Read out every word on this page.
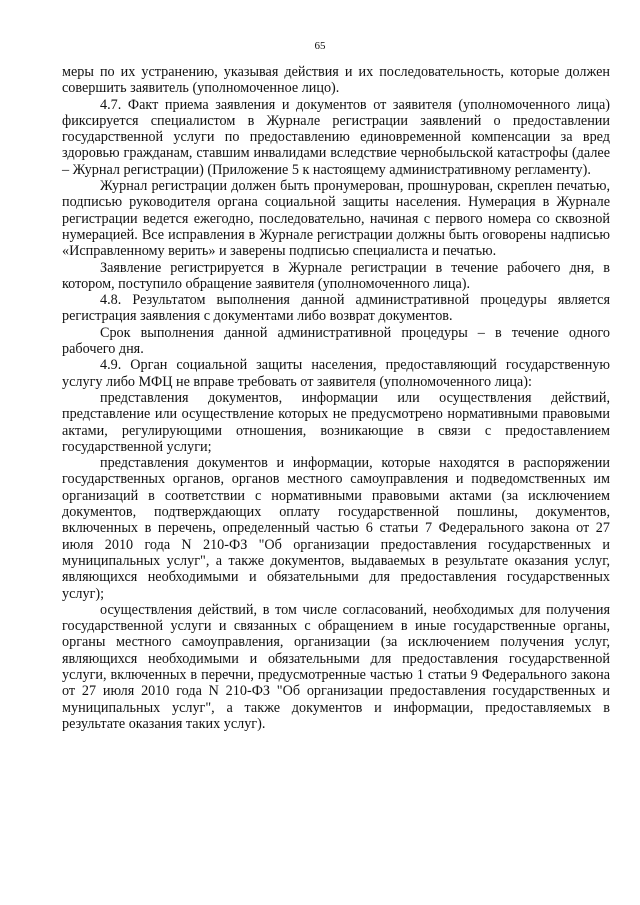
65

меры по их устранению, указывая действия и их последовательность, которые должен совершить заявитель (уполномоченное лицо).

4.7. Факт приема заявления и документов от заявителя (уполномоченного лица) фиксируется специалистом в Журнале регистрации заявлений о предоставлении государственной услуги по предоставлению единовременной компенсации за вред здоровью гражданам, ставшим инвалидами вследствие чернобыльской катастрофы (далее – Журнал регистрации) (Приложение 5 к настоящему административному регламенту).

Журнал регистрации должен быть пронумерован, прошнурован, скреплен печатью, подписью руководителя органа социальной защиты населения. Нумерация в Журнале регистрации ведется ежегодно, последовательно, начиная с первого номера со сквозной нумерацией. Все исправления в Журнале регистрации должны быть оговорены надписью «Исправленному верить» и заверены подписью специалиста и печатью.

Заявление регистрируется в Журнале регистрации в течение рабочего дня, в котором, поступило обращение заявителя (уполномоченного лица).

4.8. Результатом выполнения данной административной процедуры является регистрация заявления с документами либо возврат документов.

Срок выполнения данной административной процедуры – в течение одного рабочего дня.

4.9. Орган социальной защиты населения, предоставляющий государственную услугу либо МФЦ не вправе требовать от заявителя (уполномоченного лица):

представления документов, информации или осуществления действий, представление или осуществление которых не предусмотрено нормативными правовыми актами, регулирующими отношения, возникающие в связи с предоставлением государственной услуги;

представления документов и информации, которые находятся в распоряжении государственных органов, органов местного самоуправления и подведомственных им организаций в соответствии с нормативными правовыми актами (за исключением документов, подтверждающих оплату государственной пошлины, документов, включенных в перечень, определенный частью 6 статьи 7 Федерального закона от 27 июля 2010 года N 210-ФЗ "Об организации предоставления государственных и муниципальных услуг", а также документов, выдаваемых в результате оказания услуг, являющихся необходимыми и обязательными для предоставления государственных услуг);

осуществления действий, в том числе согласований, необходимых для получения государственной услуги и связанных с обращением в иные государственные органы, органы местного самоуправления, организации (за исключением получения услуг, являющихся необходимыми и обязательными для предоставления государственной услуги, включенных в перечни, предусмотренные частью 1 статьи 9 Федерального закона от 27 июля 2010 года N 210-ФЗ "Об организации предоставления государственных и муниципальных услуг", а также документов и информации, предоставляемых в результате оказания таких услуг).
